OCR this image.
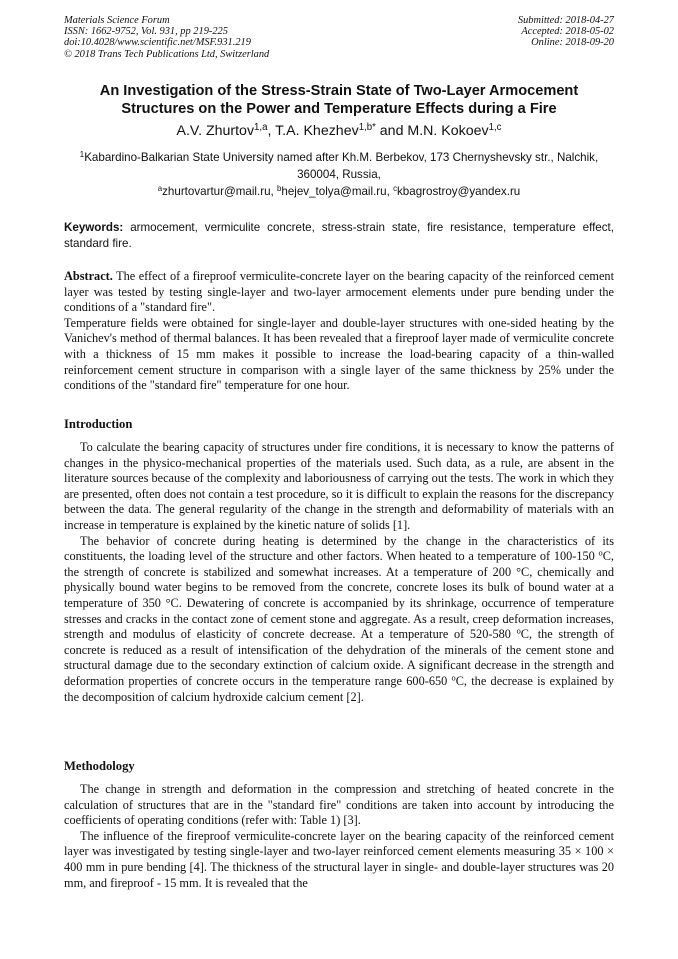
Materials Science Forum
ISSN: 1662-9752, Vol. 931, pp 219-225
doi:10.4028/www.scientific.net/MSF.931.219
© 2018 Trans Tech Publications Ltd, Switzerland
Submitted: 2018-04-27
Accepted: 2018-05-02
Online: 2018-09-20
An Investigation of the Stress-Strain State of Two-Layer Armocement Structures on the Power and Temperature Effects during a Fire
A.V. Zhurtov$^{1,a}$, T.A. Khezhev$^{1,b*}$ and M.N. Kokoev$^{1,c}$
$^1$Kabardino-Balkarian State University named after Kh.M. Berbekov, 173 Chernyshevsky str., Nalchik, 360004, Russia,
$^a$zhurtovartur@mail.ru, $^b$hejev_tolya@mail.ru, $^c$kbagrostroy@yandex.ru
Keywords: armocement, vermiculite concrete, stress-strain state, fire resistance, temperature effect, standard fire.

Abstract. The effect of a fireproof vermiculite-concrete layer on the bearing capacity of the reinforced cement layer was tested by testing single-layer and two-layer armocement elements under pure bending under the conditions of a "standard fire".

Temperature fields were obtained for single-layer and double-layer structures with one-sided heating by the Vanichev's method of thermal balances. It has been revealed that a fireproof layer made of vermiculite concrete with a thickness of 15 mm makes it possible to increase the load-bearing capacity of a thin-walled reinforcement cement structure in comparison with a single layer of the same thickness by 25% under the conditions of the "standard fire" temperature for one hour.

Introduction

To calculate the bearing capacity of structures under fire conditions, it is necessary to know the patterns of changes in the physico-mechanical properties of the materials used. Such data, as a rule, are absent in the literature sources because of the complexity and laboriousness of carrying out the tests. The work in which they are presented, often does not contain a test procedure, so it is difficult to explain the reasons for the discrepancy between the data. The general regularity of the change in the strength and deformability of materials with an increase in temperature is explained by the kinetic nature of solids [1].

The behavior of concrete during heating is determined by the change in the characteristics of its constituents, the loading level of the structure and other factors. When heated to a temperature of 100-150 $^o$C, the strength of concrete is stabilized and somewhat increases. At a temperature of 200 °C, chemically and physically bound water begins to be removed from the concrete, concrete loses its bulk of bound water at a temperature of 350 °C. Dewatering of concrete is accompanied by its shrinkage, occurrence of temperature stresses and cracks in the contact zone of cement stone and aggregate. As a result, creep deformation increases, strength and modulus of elasticity of concrete decrease. At a temperature of 520-580 $^o$C, the strength of concrete is reduced as a result of intensification of the dehydration of the minerals of the cement stone and structural damage due to the secondary extinction of calcium oxide. A significant decrease in the strength and deformation properties of concrete occurs in the temperature range 600-650 $^o$C, the decrease is explained by the decomposition of calcium hydroxide calcium cement [2].

Methodology

The change in strength and deformation in the compression and stretching of heated concrete in the calculation of structures that are in the "standard fire" conditions are taken into account by introducing the coefficients of operating conditions (refer with: Table 1) [3].

The influence of the fireproof vermiculite-concrete layer on the bearing capacity of the reinforced cement layer was investigated by testing single-layer and two-layer reinforced cement elements measuring 35 × 100 × 400 mm in pure bending [4]. The thickness of the structural layer in single- and double-layer structures was 20 mm, and fireproof - 15 mm. It is revealed that the
